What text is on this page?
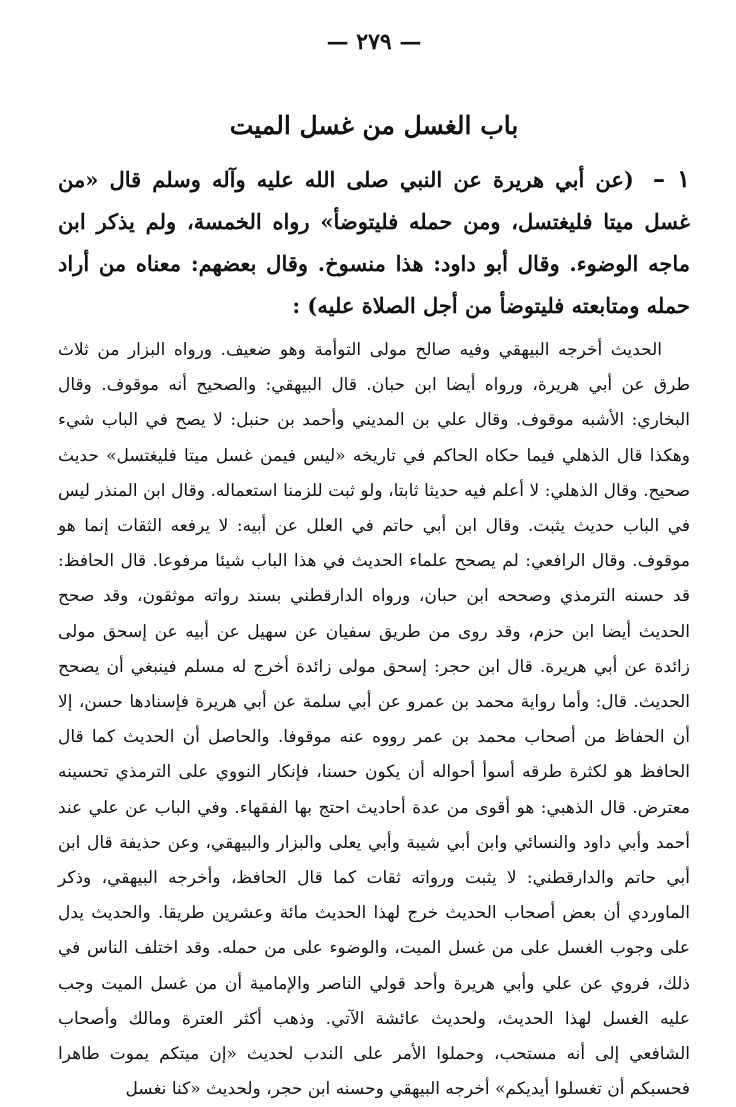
— ٢٧٩ —
باب الغسل من غسل الميت
١ – (عن أبي هريرة عن النبي صلى الله عليه وآله وسلم قال «من غسل ميتا فليغتسل، ومن حمله فليتوضأ» رواه الخمسة، ولم يذكر ابن ماجه الوضوء. وقال أبو داود: هذا منسوخ. وقال بعضهم: معناه من أراد حمله ومتابعته فليتوضأ من أجل الصلاة عليه) :
الحديث أخرجه البيهقي وفيه صالح مولى التوأمة وهو ضعيف. ورواه البزار من ثلاث طرق عن أبي هريرة، ورواه أيضا ابن حبان. قال البيهقي: والصحيح أنه موقوف. وقال البخاري: الأشبه موقوف. وقال علي بن المديني وأحمد بن حنبل: لا يصح في الباب شيء وهكذا قال الذهلي فيما حكاه الحاكم في تاريخه «ليس فيمن غسل ميتا فليغتسل» حديث صحيح. وقال الذهلي: لا أعلم فيه حديثا ثابتا، ولو ثبت للزمنا استعماله. وقال ابن المنذر ليس في الباب حديث يثبت. وقال ابن أبي حاتم في العلل عن أبيه: لا يرفعه الثقات إنما هو موقوف. وقال الرافعي: لم يصحح علماء الحديث في هذا الباب شيئا مرفوعا. قال الحافظ: قد حسنه الترمذي وصححه ابن حبان، ورواه الدارقطني بسند رواته موثقون، وقد صحح الحديث أيضا ابن حزم، وقد روى من طريق سفيان عن سهيل عن أبيه عن إسحق مولى زائدة عن أبي هريرة. قال ابن حجر: إسحق مولى زائدة أخرج له مسلم فينبغي أن يصحح الحديث. قال: وأما رواية محمد بن عمرو عن أبي سلمة عن أبي هريرة فإسنادها حسن، إلا أن الحفاظ من أصحاب محمد بن عمر رووه عنه موقوفا. والحاصل أن الحديث كما قال الحافظ هو لكثرة طرقه أسوأ أحواله أن يكون حسنا، فإنكار النووي على الترمذي تحسينه معترض. قال الذهبي: هو أقوى من عدة أحاديث احتج بها الفقهاء. وفي الباب عن علي عند أحمد وأبي داود والنسائي وابن أبي شيبة وأبي يعلى والبزار والبيهقي، وعن حذيفة قال ابن أبي حاتم والدارقطني: لا يثبت ورواته ثقات كما قال الحافظ، وأخرجه البيهقي، وذكر الماوردي أن بعض أصحاب الحديث خرج لهذا الحديث مائة وعشرين طريقا. والحديث يدل على وجوب الغسل على من غسل الميت، والوضوء على من حمله. وقد اختلف الناس في ذلك، فروي عن علي وأبي هريرة وأحد قولي الناصر والإمامية أن من غسل الميت وجب عليه الغسل لهذا الحديث، ولحديث عائشة الآتي. وذهب أكثر العترة ومالك وأصحاب الشافعي إلى أنه مستحب، وحملوا الأمر على الندب لحديث «إن ميتكم يموت طاهرا فحسبكم أن تغسلوا أيديكم» أخرجه البيهقي وحسنه ابن حجر، ولحديث «كنا نغسل
